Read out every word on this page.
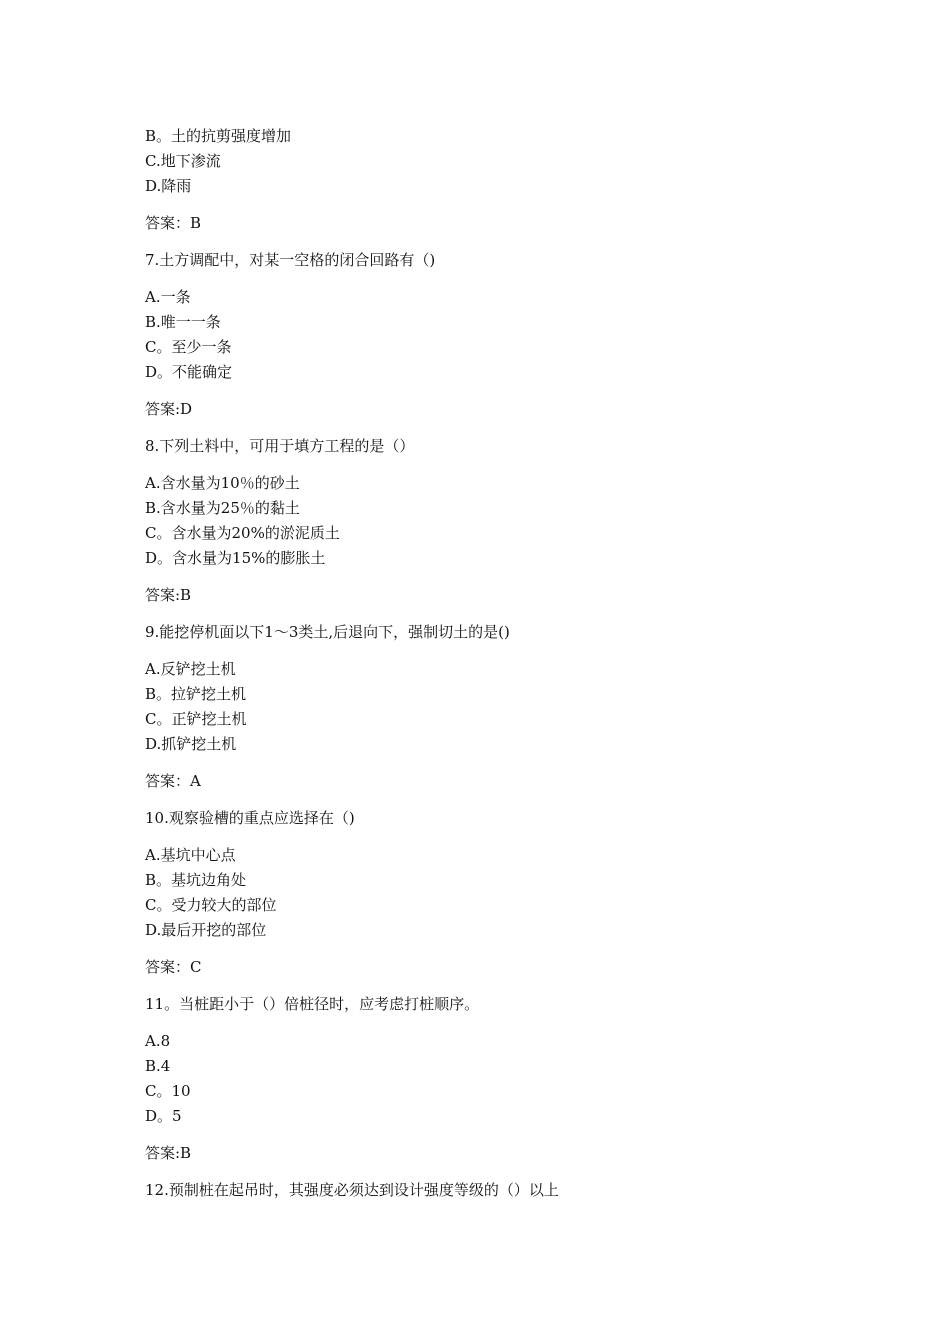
B。土的抗剪强度增加
C.地下渗流
D.降雨
答案：B
7.土方调配中，对某一空格的闭合回路有（)
A.一条
B.唯一一条
C。至少一条
D。不能确定
答案:D
8.下列土料中，可用于填方工程的是（）
A.含水量为10％的砂土
B.含水量为25％的黏土
C。含水量为20%的淤泥质土
D。含水量为15%的膨胀土
答案:B
9.能挖停机面以下1～3类土,后退向下，强制切土的是()
A.反铲挖土机
B。拉铲挖土机
C。正铲挖土机
D.抓铲挖土机
答案：A
10.观察验槽的重点应选择在（)
A.基坑中心点
B。基坑边角处
C。受力较大的部位
D.最后开挖的部位
答案：C
11。当桩距小于（）倍桩径时，应考虑打桩顺序。
A.8
B.4
C。10
D。5
答案:B
12.预制桩在起吊时，其强度必须达到设计强度等级的（）以上
